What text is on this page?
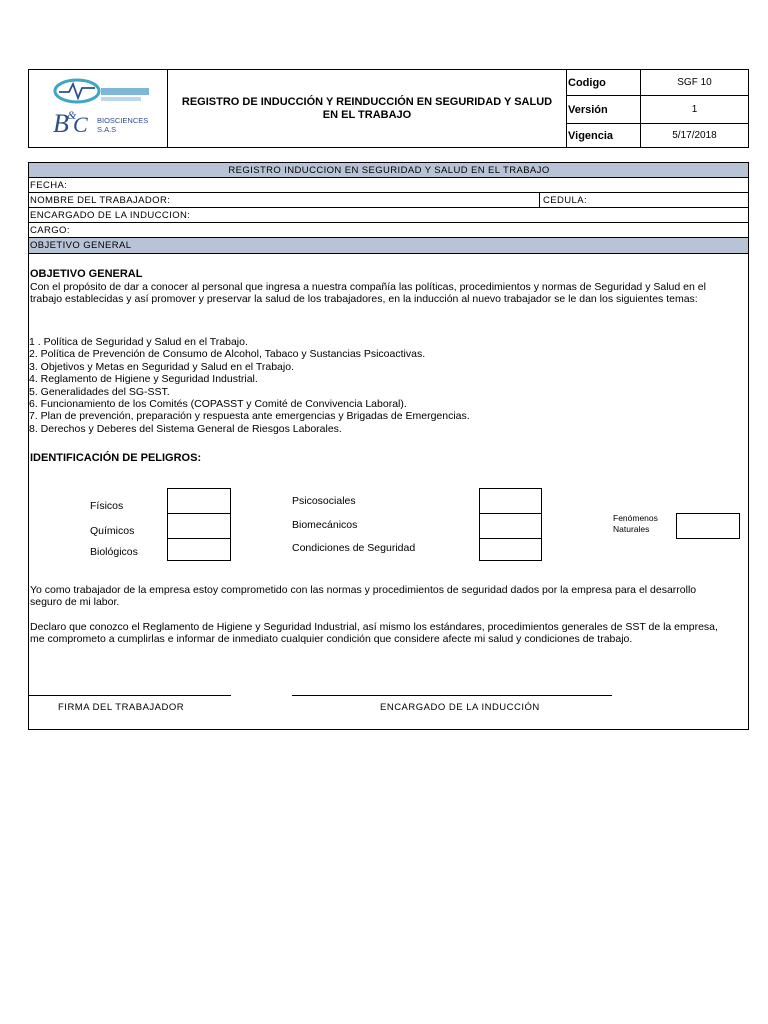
B
&
C BIOSCIENCES S.A.S
REGISTRO DE INDUCCIÓN Y REINDUCCIÓN EN SEGURIDAD Y SALUD EN EL TRABAJO
Codigo	SGF 10
Versión	1
Vigencia	5/17/2018
REGISTRO INDUCCION EN SEGURIDAD Y SALUD EN EL TRABAJO
FECHA:
NOMBRE DEL TRABAJADOR:	CEDULA:
ENCARGADO DE LA INDUCCION:
CARGO:
OBJETIVO GENERAL
OBJETIVO GENERAL
Con el propósito de dar a conocer al personal que ingresa a nuestra compañía las políticas, procedimientos y normas de Seguridad y Salud en el
trabajo establecidas y así promover y preservar la salud de los trabajadores, en la inducción al nuevo trabajador se le dan los siguientes temas:
1 . Política de Seguridad y Salud en el Trabajo.
2. Política de Prevención de Consumo de Alcohol, Tabaco y Sustancias Psicoactivas.
3. Objetivos y Metas en Seguridad y Salud en el Trabajo.
4. Reglamento de Higiene y Seguridad Industrial.
5. Generalidades del SG-SST.
6. Funcionamiento de los Comités (COPASST y Comité de Convivencia Laboral).
7. Plan de prevención, preparación y respuesta ante emergencias y Brigadas de Emergencias.
8. Derechos y Deberes del Sistema General de Riesgos Laborales.
IDENTIFICACIÓN DE PELIGROS:
Físicos
Químicos
Biológicos
Psicosociales
Biomecánicos
Condiciones de Seguridad
Fenómenos
Naturales
Yo como trabajador de la empresa estoy comprometido con las normas y procedimientos de seguridad dados por la empresa para el desarrollo
seguro de mi labor.
Declaro que conozco el Reglamento de Higiene y Seguridad Industrial, así mismo los estándares, procedimientos generales de SST de la empresa,
me comprometo a cumplirlas e informar de inmediato cualquier condición que considere afecte mi salud y condiciones de trabajo.
FIRMA DEL TRABAJADOR	ENCARGADO DE LA INDUCCIÓN
